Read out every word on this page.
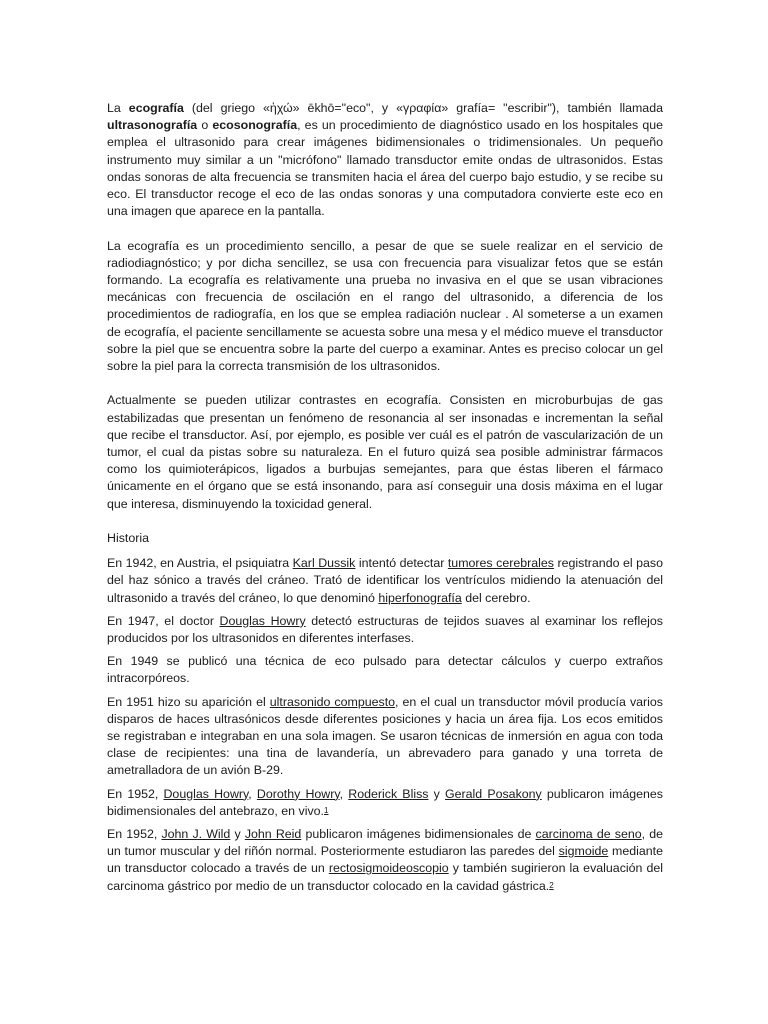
La ecografía (del griego «ἠχώ» ēkhō="eco", y «γραφία» grafía= "escribir"), también llamada ultrasonografía o ecosonografía, es un procedimiento de diagnóstico usado en los hospitales que emplea el ultrasonido para crear imágenes bidimensionales o tridimensionales. Un pequeño instrumento muy similar a un "micrófono" llamado transductor emite ondas de ultrasonidos. Estas ondas sonoras de alta frecuencia se transmiten hacia el área del cuerpo bajo estudio, y se recibe su eco. El transductor recoge el eco de las ondas sonoras y una computadora convierte este eco en una imagen que aparece en la pantalla.

La ecografía es un procedimiento sencillo, a pesar de que se suele realizar en el servicio de radiodiagnóstico; y por dicha sencillez, se usa con frecuencia para visualizar fetos que se están formando. La ecografía es relativamente una prueba no invasiva en el que se usan vibraciones mecánicas con frecuencia de oscilación en el rango del ultrasonido, a diferencia de los procedimientos de radiografía, en los que se emplea radiación nuclear . Al someterse a un examen de ecografía, el paciente sencillamente se acuesta sobre una mesa y el médico mueve el transductor sobre la piel que se encuentra sobre la parte del cuerpo a examinar. Antes es preciso colocar un gel sobre la piel para la correcta transmisión de los ultrasonidos.

Actualmente se pueden utilizar contrastes en ecografía. Consisten en microburbujas de gas estabilizadas que presentan un fenómeno de resonancia al ser insonadas e incrementan la señal que recibe el transductor. Así, por ejemplo, es posible ver cuál es el patrón de vascularización de un tumor, el cual da pistas sobre su naturaleza. En el futuro quizá sea posible administrar fármacos como los quimioterápicos, ligados a burbujas semejantes, para que éstas liberen el fármaco únicamente en el órgano que se está insonando, para así conseguir una dosis máxima en el lugar que interesa, disminuyendo la toxicidad general.

Historia

En 1942, en Austria, el psiquiatra Karl Dussik intentó detectar tumores cerebrales registrando el paso del haz sónico a través del cráneo. Trató de identificar los ventrículos midiendo la atenuación del ultrasonido a través del cráneo, lo que denominó hiperfonografía del cerebro.

En 1947, el doctor Douglas Howry detectó estructuras de tejidos suaves al examinar los reflejos producidos por los ultrasonidos en diferentes interfases.

En 1949 se publicó una técnica de eco pulsado para detectar cálculos y cuerpo extraños intracorpóreos.

En 1951 hizo su aparición el ultrasonido compuesto, en el cual un transductor móvil producía varios disparos de haces ultrasónicos desde diferentes posiciones y hacia un área fija. Los ecos emitidos se registraban e integraban en una sola imagen. Se usaron técnicas de inmersión en agua con toda clase de recipientes: una tina de lavandería, un abrevadero para ganado y una torreta de ametralladora de un avión B-29.

En 1952, Douglas Howry, Dorothy Howry, Roderick Bliss y Gerald Posakony publicaron imágenes bidimensionales del antebrazo, en vivo.$^1$

En 1952, John J. Wild y John Reid publicaron imágenes bidimensionales de carcinoma de seno, de un tumor muscular y del riñón normal. Posteriormente estudiaron las paredes del sigmoide mediante un transductor colocado a través de un rectosigmoideoscopio y también sugirieron la evaluación del carcinoma gástrico por medio de un transductor colocado en la cavidad gástrica.$^2$
